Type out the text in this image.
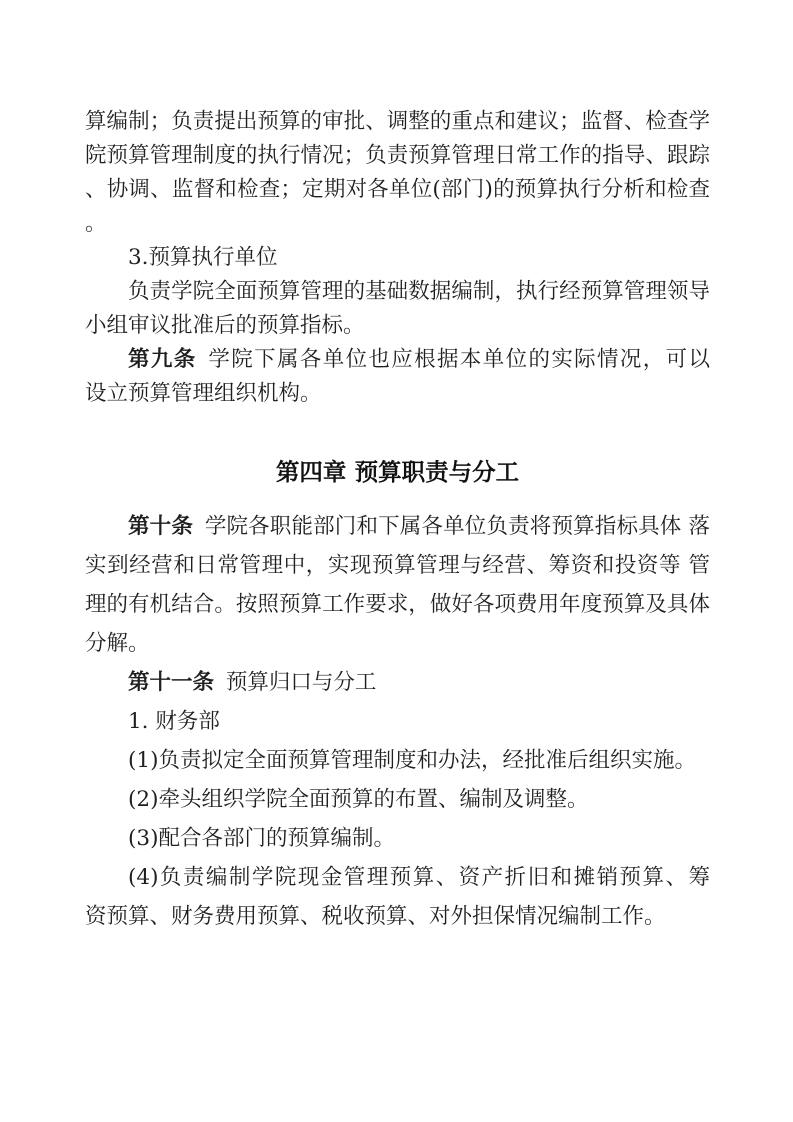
算编制；负责提出预算的审批、调整的重点和建议；监督、检查学
院预算管理制度的执行情况；负责预算管理日常工作的指导、跟踪
、协调、监督和检查；定期对各单位(部门)的预算执行分析和检查
。
3.预算执行单位
负责学院全面预算管理的基础数据编制，执行经预算管理领导
小组审议批准后的预算指标。
第九条 学院下属各单位也应根据本单位的实际情况，可以
设立预算管理组织机构。
第四章 预算职责与分工
第十条 学院各职能部门和下属各单位负责将预算指标具体 落
实到经营和日常管理中，实现预算管理与经营、筹资和投资等 管
理的有机结合。按照预算工作要求，做好各项费用年度预算及具体
分解。
第十一条 预算归口与分工
1. 财务部
(1)负责拟定全面预算管理制度和办法，经批准后组织实施。
(2)牵头组织学院全面预算的布置、编制及调整。
(3)配合各部门的预算编制。
(4)负责编制学院现金管理预算、资产折旧和摊销预算、筹
资预算、财务费用预算、税收预算、对外担保情况编制工作。
